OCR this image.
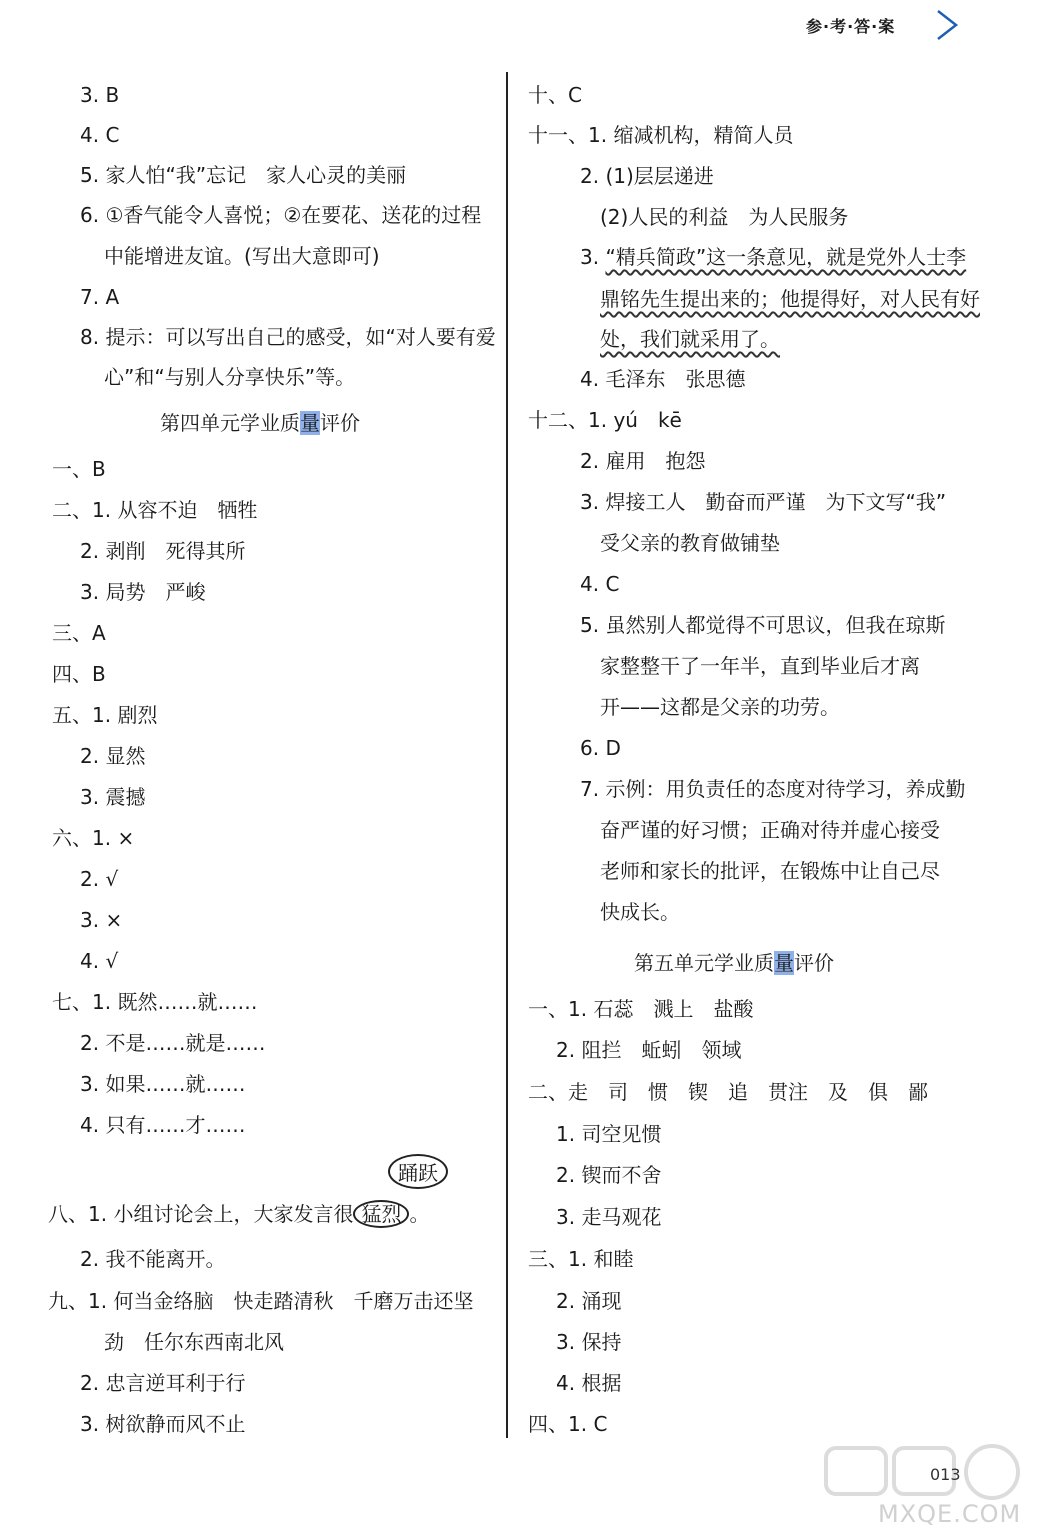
参·考·答·案
3. B
4. C
5. 家人怕“我”忘记　家人心灵的美丽
6. ①香气能令人喜悦；②在要花、送花的过程
中能增进友谊。(写出大意即可)
7. A
8. 提示：可以写出自己的感受，如“对人要有爱
心”和“与别人分享快乐”等。
第四单元学业质量评价
一、B
二、1. 从容不迫　牺牲
2. 剥削　死得其所
3. 局势　严峻
三、A
四、B
五、1. 剧烈
2. 显然
3. 震撼
六、1. ×
2. √
3. ×
4. √
七、1. 既然……就……
2. 不是……就是……
3. 如果……就……
4. 只有……才……
踊跃
八、1. 小组讨论会上，大家发言很 猛烈 。
2. 我不能离开。
九、1. 何当金络脑　快走踏清秋　千磨万击还坚
劲　任尔东西南北风
2. 忠言逆耳利于行
3. 树欲静而风不止
十、C
十一、1. 缩减机构，精简人员
2. (1)层层递进
(2)人民的利益　为人民服务
3. “精兵简政”这一条意见，就是党外人士李
鼎铭先生提出来的；他提得好，对人民有好
处，我们就采用了。
4. 毛泽东　张思德
十二、1. yú　kē
2. 雇用　抱怨
3. 焊接工人　勤奋而严谨　为下文写“我”
受父亲的教育做铺垫
4. C
5. 虽然别人都觉得不可思议，但我在琼斯
家整整干了一年半，直到毕业后才离
开——这都是父亲的功劳。
6. D
7. 示例：用负责任的态度对待学习，养成勤
奋严谨的好习惯；正确对待并虚心接受
老师和家长的批评，在锻炼中让自己尽
快成长。
第五单元学业质量评价
一、1. 石蕊　溅上　盐酸
2. 阻拦　蚯蚓　领域
二、走　司　惯　锲　追　贯注　及　俱　鄙
1. 司空见惯
2. 锲而不舍
3. 走马观花
三、1. 和睦
2. 涌现
3. 保持
4. 根据
四、1. C
MXQE.COM
013
